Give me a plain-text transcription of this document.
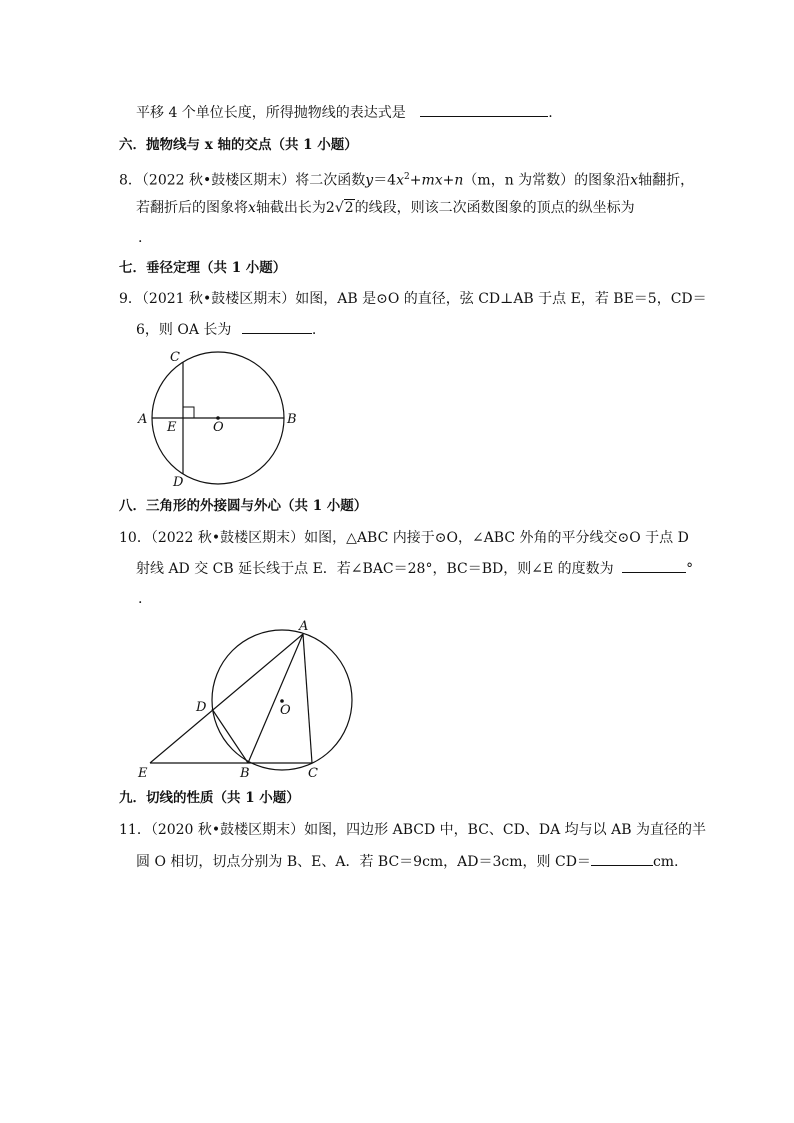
平移 4 个单位长度，所得抛物线的表达式是	.
六．抛物线与 x 轴的交点（共 1 小题）
8．（2022 秋•鼓楼区期末）将二次函数$y=4x^2+mx+n(m$，n 为常数）的图象沿x轴翻折，
若翻折后的图象将x轴截出长为2√2的线段，则该二次函数图象的顶点的纵坐标为
.
七．垂径定理（共 1 小题）
9．（2021 秋•鼓楼区期末）如图，AB 是⊙O 的直径，弦 CD⊥AB 于点 E，若 BE＝5，CD＝
6，则 OA 长为	.
C
A
E	O
B
D
A
D	O
E	B	C
八．三角形的外接圆与外心（共 1 小题）
10．（2022 秋•鼓楼区期末）如图，△ABC 内接于⊙O，∠ABC 外角的平分线交⊙O 于点 D
射线 AD 交 CB 延长线于点 E．若∠BAC＝28°，BC＝BD，则∠E 的度数为	°
.
九．切线的性质（共 1 小题）
11．（2020 秋•鼓楼区期末）如图，四边形 ABCD 中，BC、CD、DA 均与以 AB 为直径的半
圆 O 相切，切点分别为 B、E、A．若 BC＝9cm，AD＝3cm，则 CD＝	cm.
